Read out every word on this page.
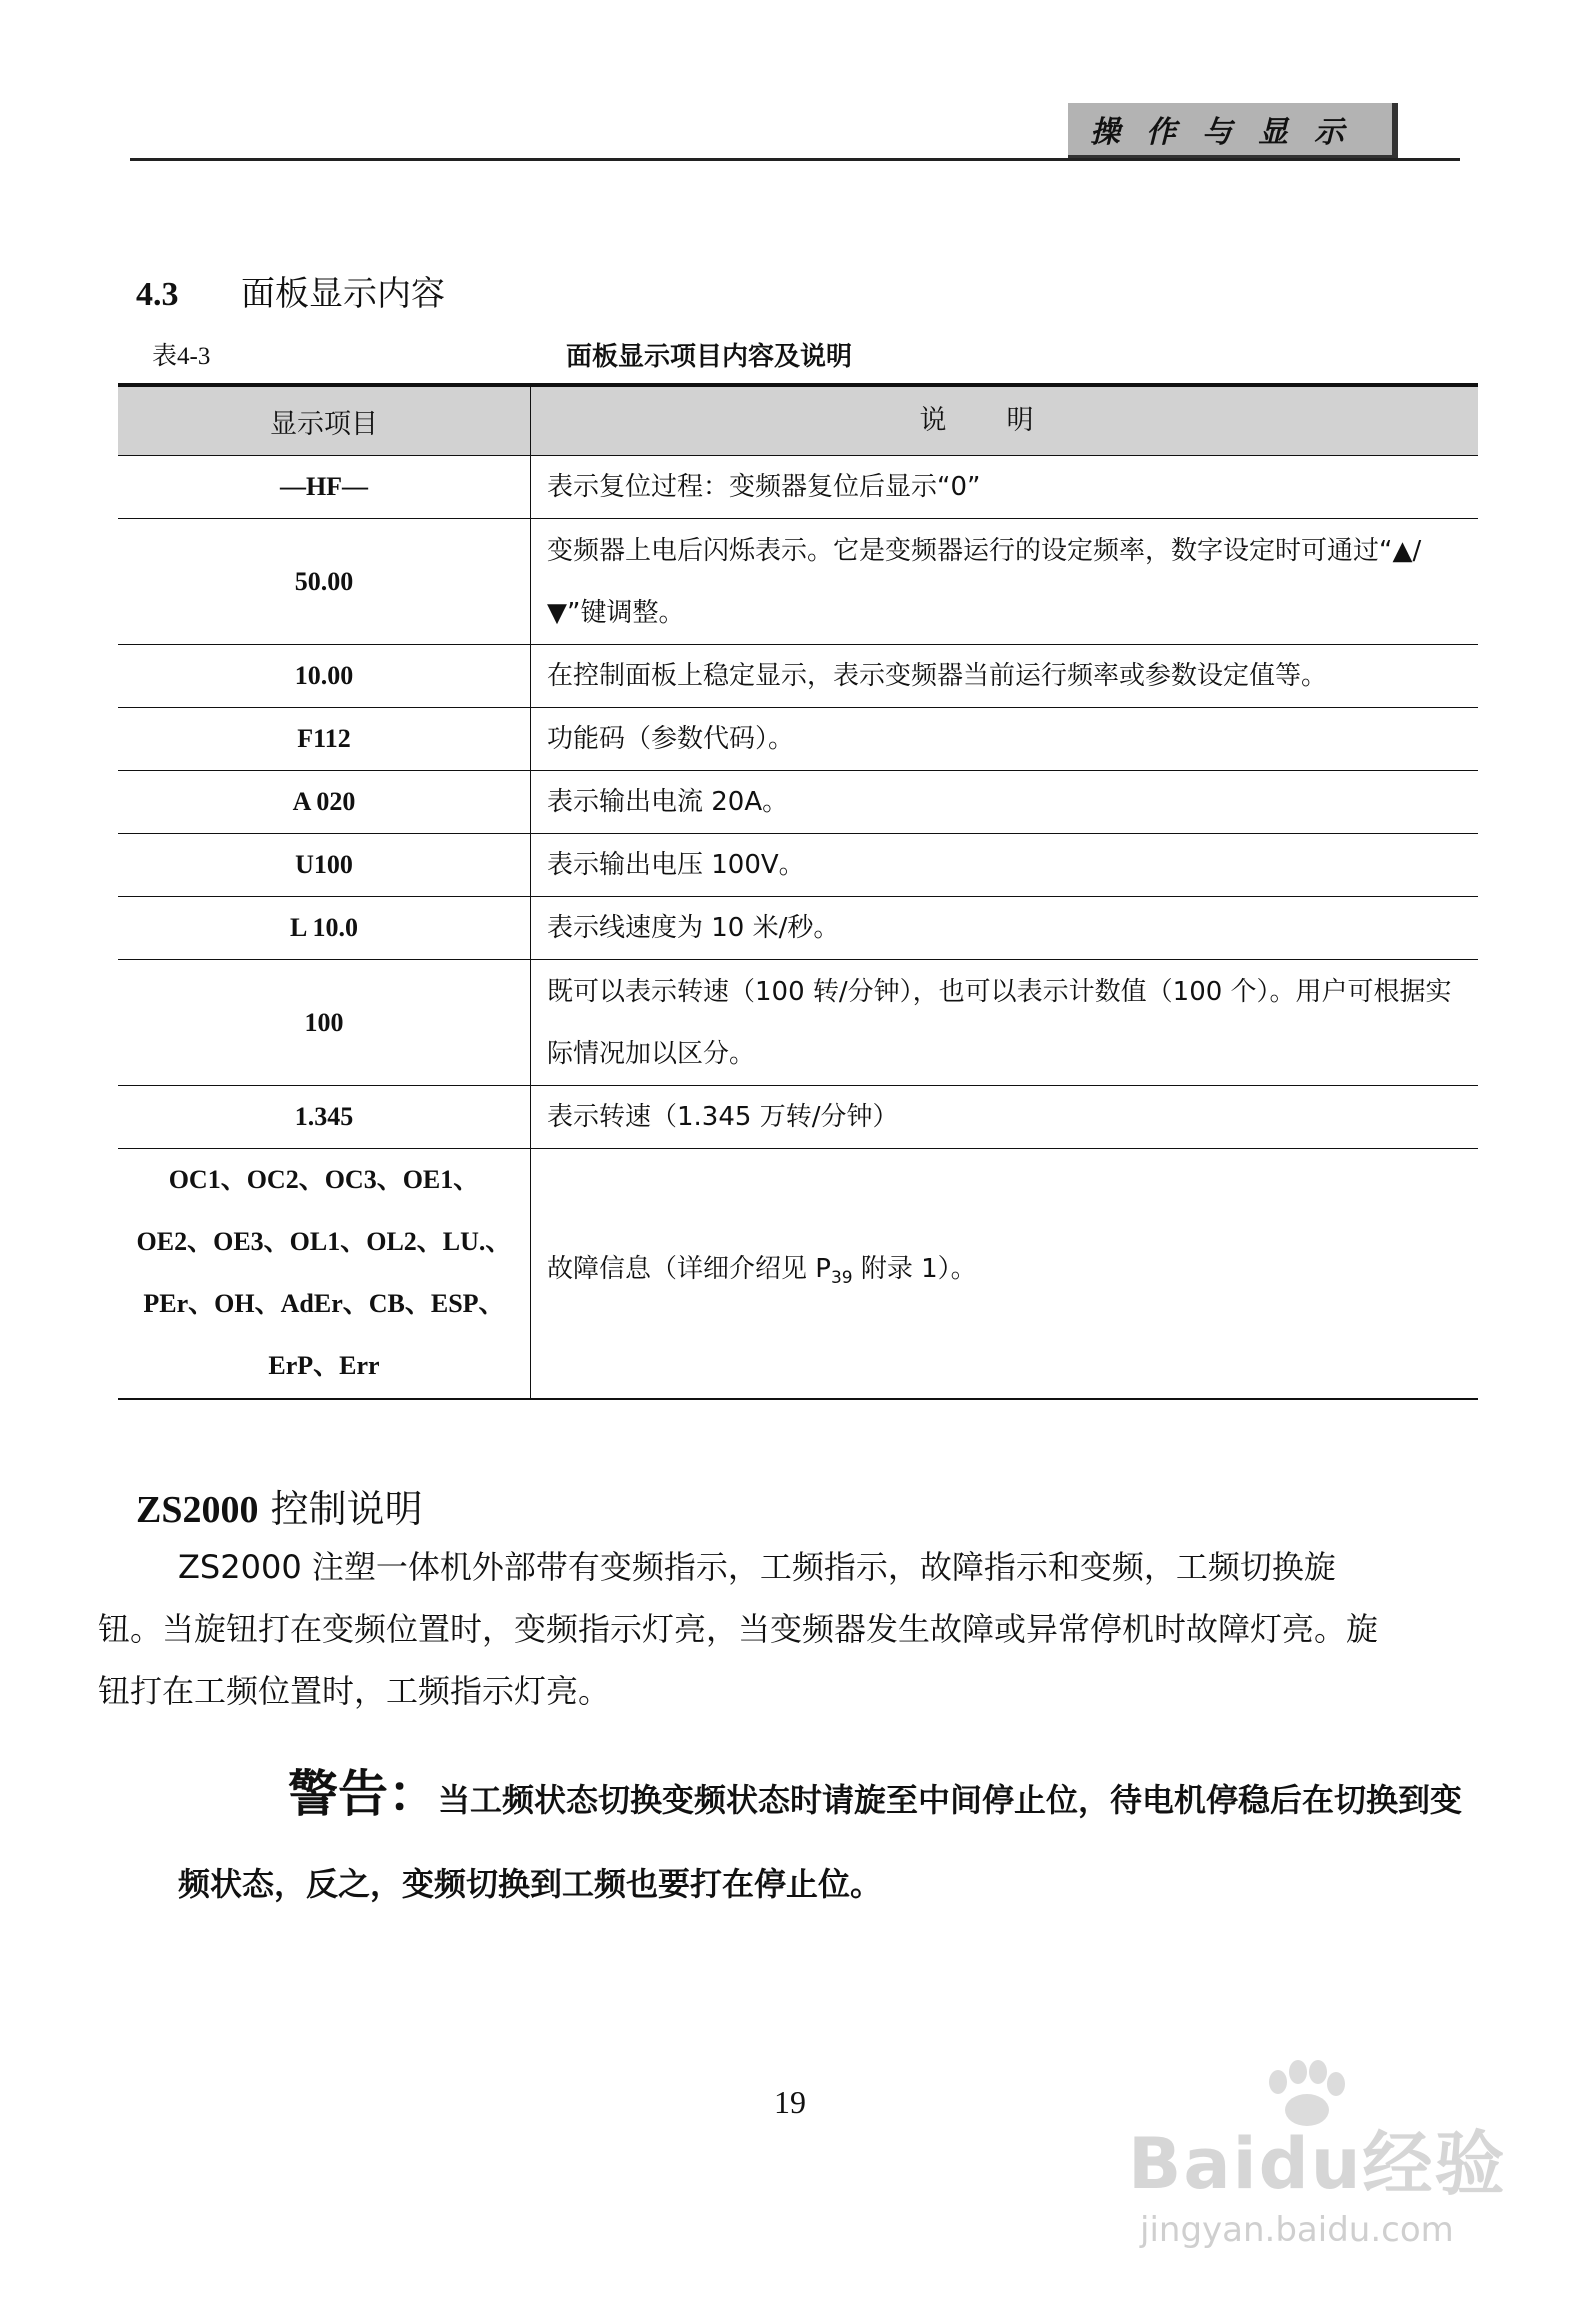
操作与显示
4.3 面板显示内容
表4-3	面板显示项目内容及说明
显示项目	说明
—HF—	表示复位过程：变频器复位后显示“0”
50.00	变频器上电后闪烁表示。它是变频器运行的设定频率，数字设定时可通过“▲/▼”键调整。
10.00	在控制面板上稳定显示，表示变频器当前运行频率或参数设定值等。
F112	功能码（参数代码）。
A 020	表示输出电流 20A。
U100	表示输出电压 100V。
L 10.0	表示线速度为 10 米/秒。
100	既可以表示转速（100 转/分钟），也可以表示计数值（100 个）。用户可根据实际情况加以区分。
1.345	表示转速（1.345 万转/分钟）

OC1、OC2、OC3、OE1、
OE2、OE3、OL1、OL2、LU.、
PEr、OH、AdEr、CB、ESP、
ErP、Err	故障信息（详细介绍见 $P_{39}$ 附录 1）。
ZS2000 控制说明
ZS2000 注塑一体机外部带有变频指示，工频指示，故障指示和变频，工频切换旋钮。当旋钮打在变频位置时，变频指示灯亮，当变频器发生故障或异常停机时故障灯亮。旋钮打在工频位置时，工频指示灯亮。
警告：当工频状态切换变频状态时请旋至中间停止位，待电机停稳后在切换到变频状态，反之，变频切换到工频也要打在停止位。
19
Baidu经验
jingyan.baidu.com
